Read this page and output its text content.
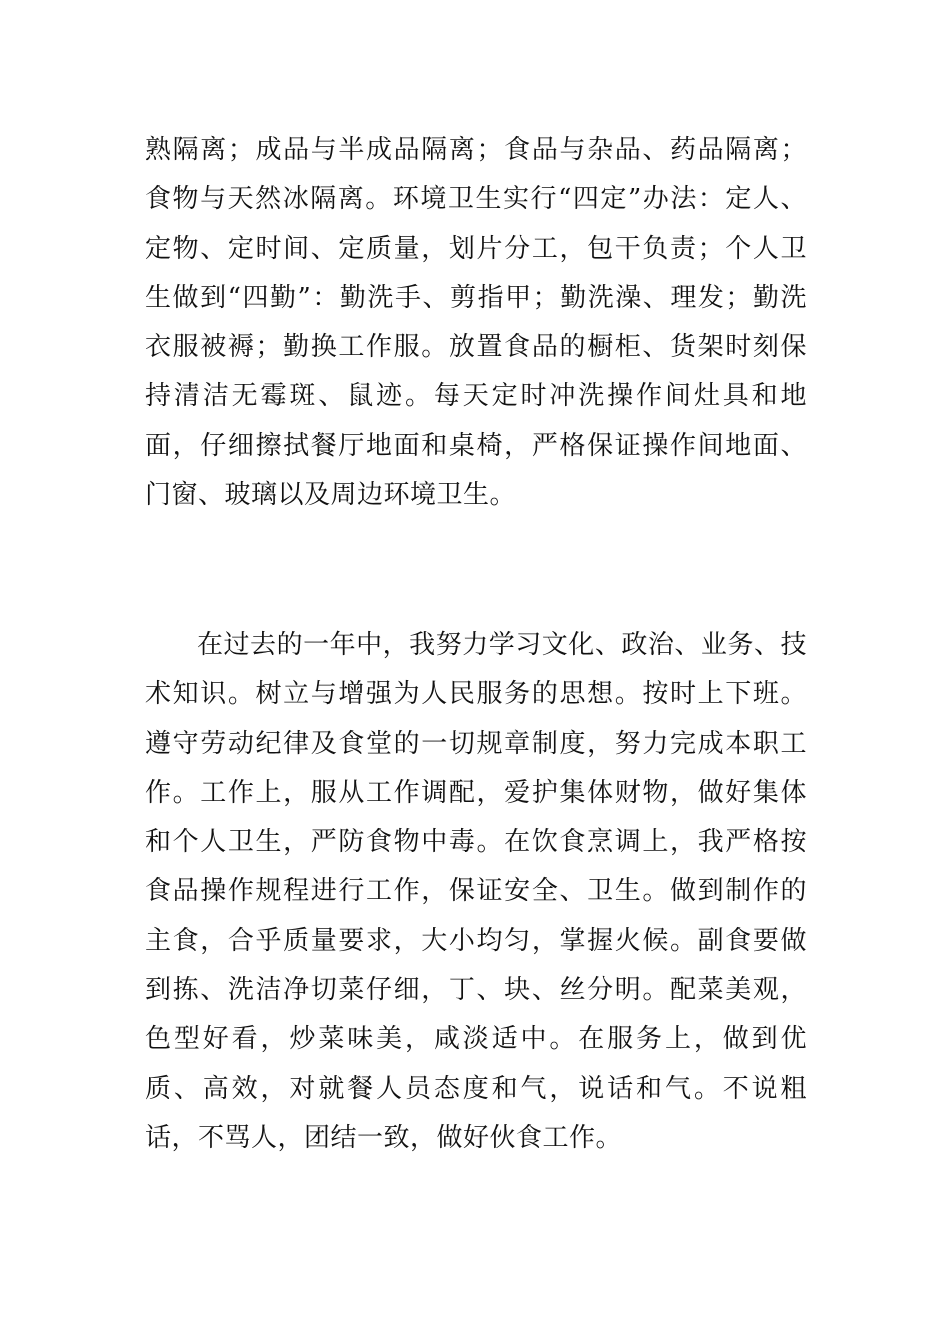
熟隔离；成品与半成品隔离；食品与杂品、药品隔离；食物与天然冰隔离。环境卫生实行“四定”办法：定人、定物、定时间、定质量，划片分工，包干负责；个人卫生做到“四勤”：勤洗手、剪指甲；勤洗澡、理发；勤洗衣服被褥；勤换工作服。放置食品的橱柜、货架时刻保持清洁无霉斑、鼠迹。每天定时冲洗操作间灶具和地面，仔细擦拭餐厅地面和桌椅，严格保证操作间地面、门窗、玻璃以及周边环境卫生。

在过去的一年中，我努力学习文化、政治、业务、技术知识。树立与增强为人民服务的思想。按时上下班。遵守劳动纪律及食堂的一切规章制度，努力完成本职工作。工作上，服从工作调配，爱护集体财物，做好集体和个人卫生，严防食物中毒。在饮食烹调上，我严格按食品操作规程进行工作，保证安全、卫生。做到制作的主食，合乎质量要求，大小均匀，掌握火候。副食要做到拣、洗洁净切菜仔细，丁、块、丝分明。配菜美观，色型好看，炒菜味美，咸淡适中。在服务上，做到优质、高效，对就餐人员态度和气，说话和气。不说粗话，不骂人，团结一致，做好伙食工作。
